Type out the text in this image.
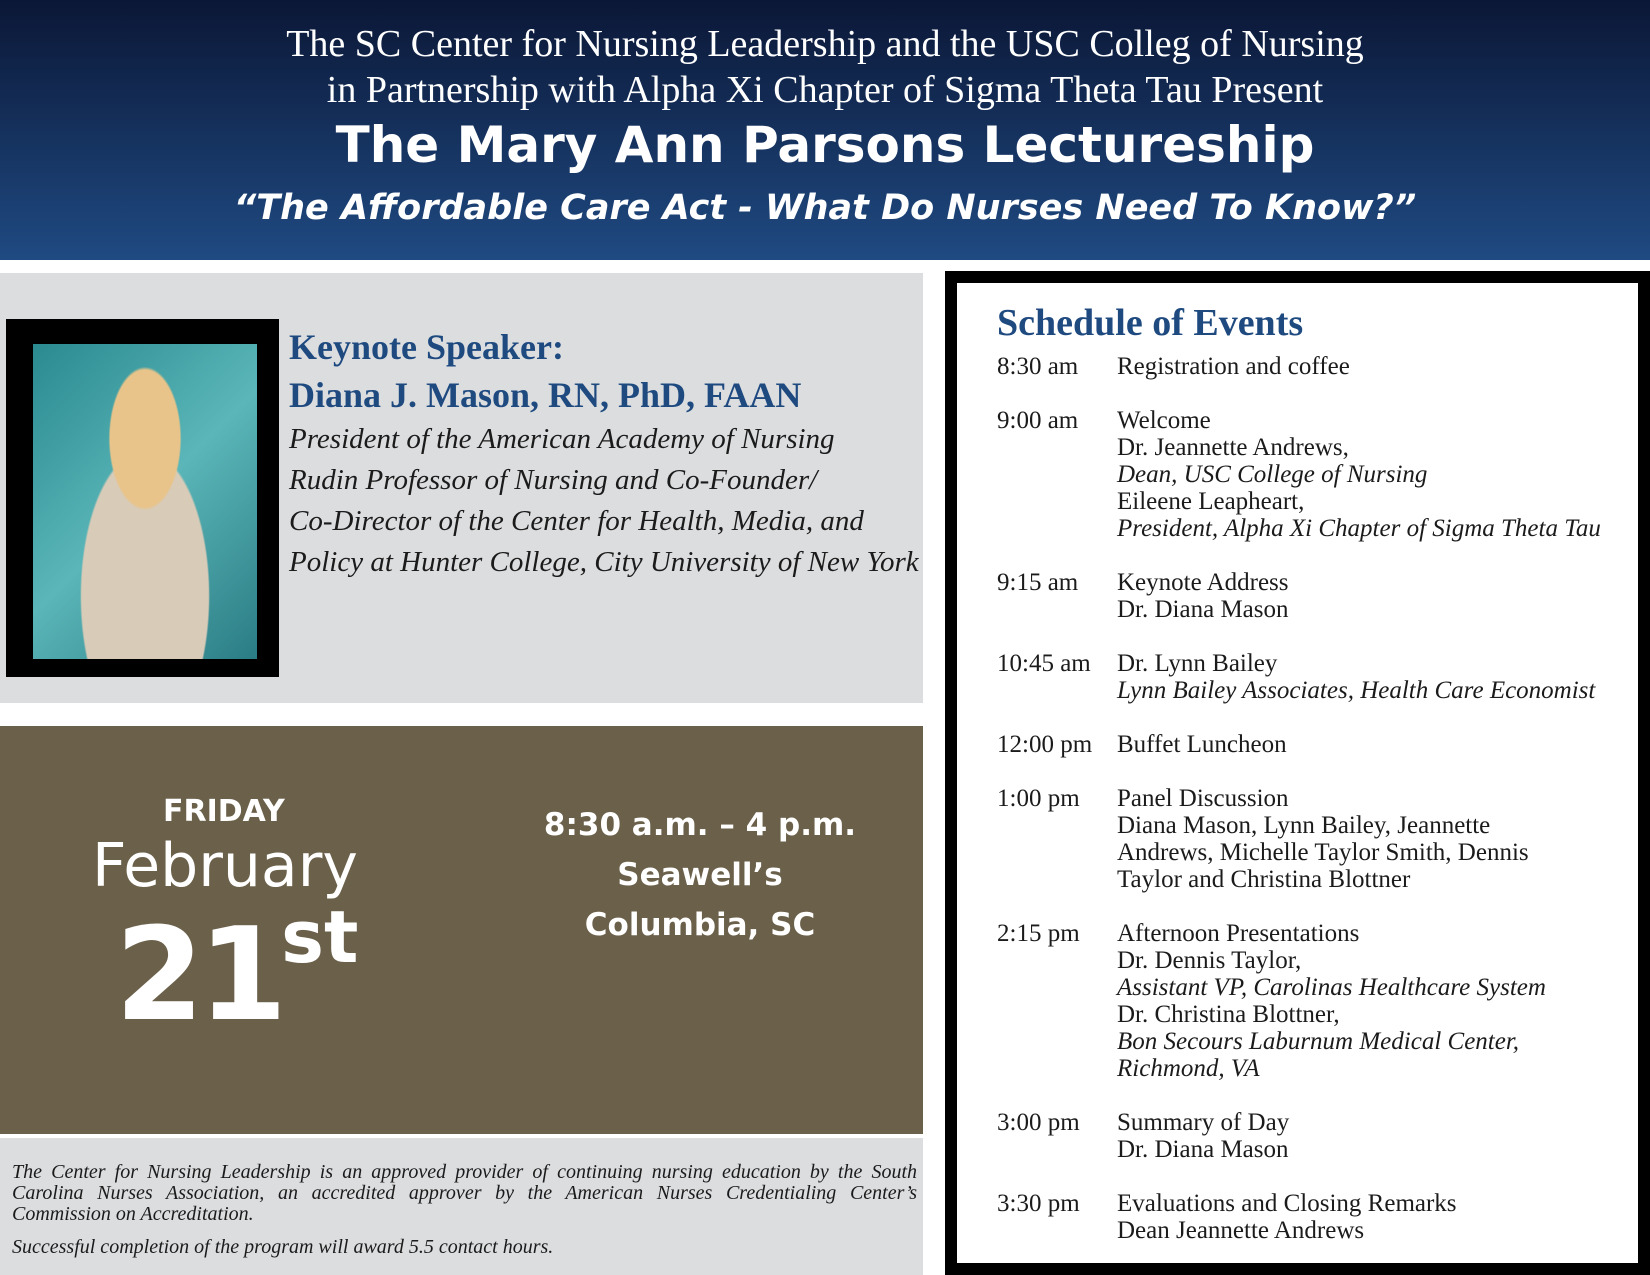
The SC Center for Nursing Leadership and the USC Colleg of Nursing
in Partnership with Alpha Xi Chapter of Sigma Theta Tau Present
The Mary Ann Parsons Lectureship
“The Affordable Care Act - What Do Nurses Need To Know?”
Keynote Speaker:
Diana J. Mason, RN, PhD, FAAN
President of the American Academy of Nursing
Rudin Professor of Nursing and Co-Founder/
Co-Director of the Center for Health, Media, and
Policy at Hunter College, City University of New York
FRIDAY
February
21st
8:30 a.m. – 4 p.m.
Seawell’s
Columbia, SC

The Center for Nursing Leadership is an approved provider of continuing nursing education by the South Carolina Nurses Association, an accredited approver by the American Nurses Credentialing Center’s Commission on Accreditation.

Successful completion of the program will award 5.5 contact hours.

Schedule of Events
8:30 am	Registration and coffee
9:00 am	Welcome
Dr. Jeannette Andrews,
Dean, USC College of Nursing
Eileene Leapheart,
President, Alpha Xi Chapter of Sigma Theta Tau
9:15 am	Keynote Address
Dr. Diana Mason
10:45 am	Dr. Lynn Bailey
Lynn Bailey Associates, Health Care Economist
12:00 pm Buffet Luncheon
1:00 pm	Panel Discussion
Diana Mason, Lynn Bailey, Jeannette
Andrews, Michelle Taylor Smith, Dennis
Taylor and Christina Blottner
2:15 pm	Afternoon Presentations
Dr. Dennis Taylor,
Assistant VP, Carolinas Healthcare System
Dr. Christina Blottner,
Bon Secours Laburnum Medical Center,
Richmond, VA
3:00 pm	Summary of Day
Dr. Diana Mason
3:30 pm	Evaluations and Closing Remarks
Dean Jeannette Andrews
